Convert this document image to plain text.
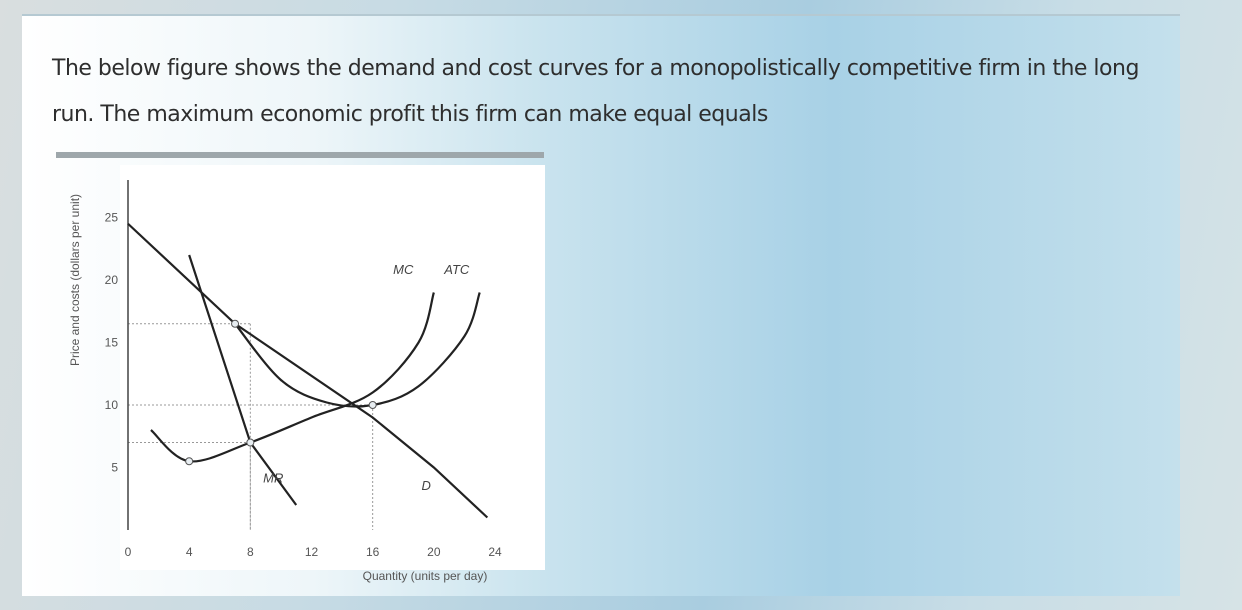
The below figure shows the demand and cost curves for a monopolistically competitive firm in the long run. The maximum economic profit this firm can make equal equals
Price and costs (dollars per unit)
0	4	8	12	16	20	24
5
10
15
20
25
D
MR
MC ATC
Quantity (units per day)
